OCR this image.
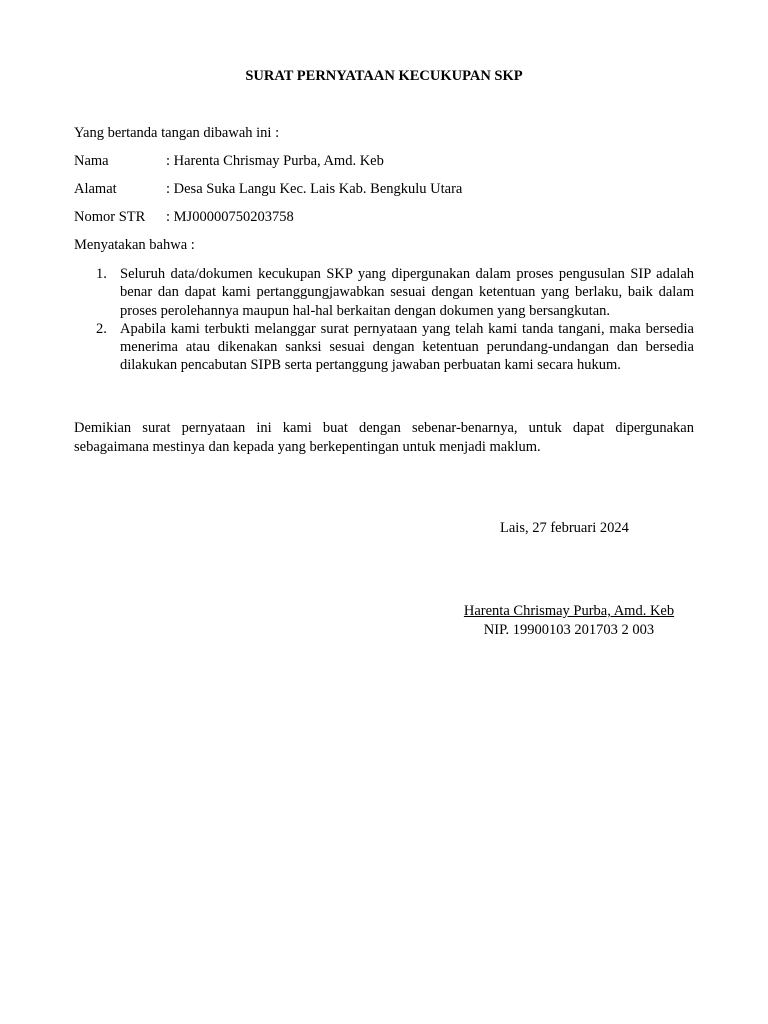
SURAT PERNYATAAN KECUKUPAN SKP
Yang bertanda tangan dibawah ini :
Nama	: Harenta Chrismay Purba, Amd. Keb
Alamat	: Desa Suka Langu Kec. Lais Kab. Bengkulu Utara
Nomor STR : MJ00000750203758
Menyatakan bahwa :
1. Seluruh data/dokumen kecukupan SKP yang dipergunakan dalam proses pengusulan SIP adalah benar dan dapat kami pertanggungjawabkan sesuai dengan ketentuan yang berlaku, baik dalam proses perolehannya maupun hal-hal berkaitan dengan dokumen yang bersangkutan.
2. Apabila kami terbukti melanggar surat pernyataan yang telah kami tanda tangani, maka bersedia menerima atau dikenakan sanksi sesuai dengan ketentuan perundang-undangan dan bersedia dilakukan pencabutan SIPB serta pertanggung jawaban perbuatan kami secara hukum.
Demikian surat pernyataan ini kami buat dengan sebenar-benarnya, untuk dapat dipergunakan sebagaimana mestinya dan kepada yang berkepentingan untuk menjadi maklum.
Lais, 27 februari 2024
Harenta Chrismay Purba, Amd. Keb
NIP. 19900103 201703 2 003
